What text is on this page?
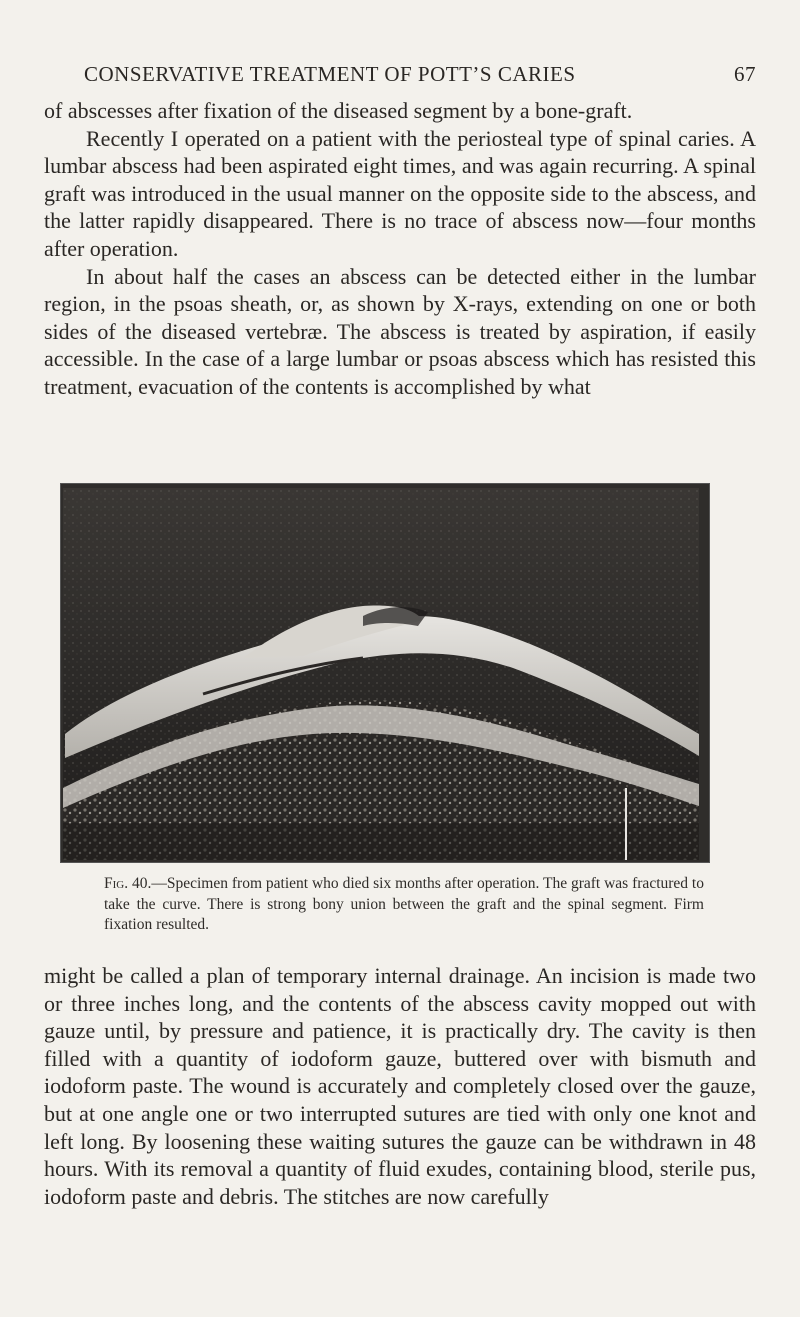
CONSERVATIVE TREATMENT OF POTT’S CARIES	67

of abscesses after fixation of the diseased segment by a bone-graft.

Recently I operated on a patient with the periosteal type of spinal caries. A lumbar abscess had been aspirated eight times, and was again recurring. A spinal graft was introduced in the usual manner on the opposite side to the abscess, and the latter rapidly disappeared. There is no trace of abscess now—four months after operation.

In about half the cases an abscess can be detected either in the lumbar region, in the psoas sheath, or, as shown by X-rays, extending on one or both sides of the diseased vertebræ. The abscess is treated by aspiration, if easily accessible. In the case of a large lumbar or psoas abscess which has resisted this treatment, evacuation of the contents is accomplished by what

Fig. 40.—Specimen from patient who died six months after operation. The graft was fractured to take the curve. There is strong bony union between the graft and the spinal segment. Firm fixation resulted.

might be called a plan of temporary internal drainage. An incision is made two or three inches long, and the contents of the abscess cavity mopped out with gauze until, by pressure and patience, it is practically dry. The cavity is then filled with a quantity of iodoform gauze, buttered over with bismuth and iodoform paste. The wound is accurately and completely closed over the gauze, but at one angle one or two interrupted sutures are tied with only one knot and left long. By loosening these waiting sutures the gauze can be withdrawn in 48 hours. With its removal a quantity of fluid exudes, containing blood, sterile pus, iodoform paste and debris. The stitches are now carefully
